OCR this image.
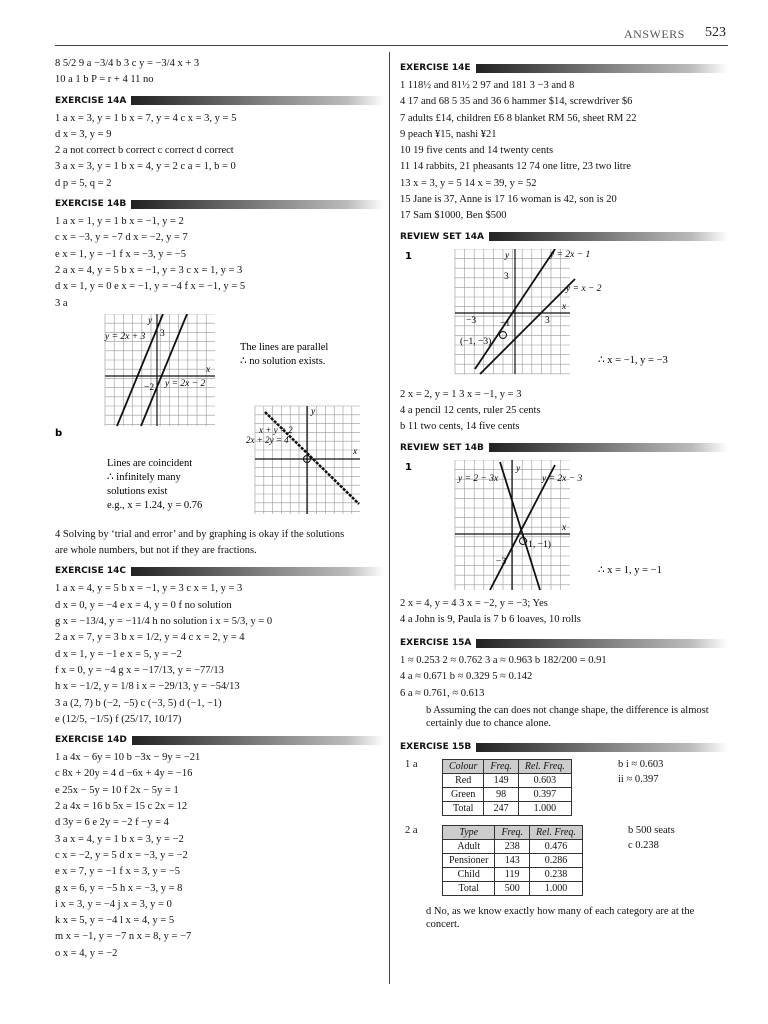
ANSWERS 523
8 5/2 9 a −3/4 b 3 c y = −3/4 x + 3
10 a 1 b P = r + 4 11 no
EXERCISE 14A
1 a x = 3, y = 1 b x = 7, y = 4 c x = 3, y = 5
d x = 3, y = 9
2 a not correct b correct c correct d correct
3 a x = 3, y = 1 b x = 4, y = 2 c a = 1, b = 0
d p = 5, q = 2
EXERCISE 14B
1 a x = 1, y = 1 b x = −1, y = 2
c x = −3, y = −7 d x = −2, y = 7
e x = 1, y = −1 f x = −3, y = −5
2 a x = 4, y = 5 b x = −1, y = 3 c x = 1, y = 3
d x = 1, y = 0 e x = −1, y = −4 f x = −1, y = 5
3 a
y = 2x + 3
y = 2x − 2
3
−2
x
y
The lines are parallel
∴ no solution exists.
b	x + y = 2
2x + 2y = 4
x
y
Lines are coincident
∴ infinitely many
solutions exist
e.g., x = 1.24, y = 0.76
4 Solving by ‘trial and error’ and by graphing is okay if the solutions
are whole numbers, but not if they are fractions.
EXERCISE 14C
1 a x = 4, y = 5 b x = −1, y = 3 c x = 1, y = 3
d x = 0, y = −4 e x = 4, y = 0 f no solution
g x = −13/4, y = −11/4 h no solution i x = 5/3, y = 0
2 a x = 7, y = 3 b x = 1/2, y = 4 c x = 2, y = 4
d x = 1, y = −1 e x = 5, y = −2
f x = 0, y = −4 g x = −17/13, y = −77/13
h x = −1/2, y = 1/8 i x = −29/13, y = −54/13
3 a (2, 7) b (−2, −5) c (−3, 5) d (−1, −1)
e (12/5, −1/5) f (25/17, 10/17)
EXERCISE 14D
1 a 4x − 6y = 10 b −3x − 9y = −21
c 8x + 20y = 4 d −6x + 4y = −16
e 25x − 5y = 10 f 2x − 5y = 1
2 a 4x = 16 b 5x = 15 c 2x = 12
d 3y = 6 e 2y = −2 f −y = 4
3 a x = 4, y = 1 b x = 3, y = −2
c x = −2, y = 5 d x = −3, y = −2
e x = 7, y = −1 f x = 3, y = −5
g x = 6, y = −5 h x = −3, y = 8
i x = 3, y = −4 j x = 3, y = 0
k x = 5, y = −4 l x = 4, y = 5
m x = −1, y = −7 n x = 8, y = −7
o x = 4, y = −2
EXERCISE 14E
1 118½ and 81½ 2 97 and 181 3 −3 and 8
4 17 and 68 5 35 and 36 6 hammer $14, screwdriver $6
7 adults £14, children £6 8 blanket RM 56, sheet RM 22
9 peach ¥15, nashi ¥21
10 19 five cents and 14 twenty cents
11 14 rabbits, 21 pheasants 12 74 one litre, 23 two litre
13 x = 3, y = 5 14 x = 39, y = 52
15 Jane is 37, Anne is 17 16 woman is 42, son is 20
17 Sam $1000, Ben $500
REVIEW SET 14A
1	y = 2x − 1
y = x − 2
(−1, −3)
3
−3	3
−1
x
y
∴ x = −1, y = −3
2 x = 2, y = 1 3 x = −1, y = 3
4 a pencil 12 cents, ruler 25 cents
b 11 two cents, 14 five cents
REVIEW SET 14B
1
y = 2 − 3x	y = 2x − 3
(1, −1)
−3
x
y
∴ x = 1, y = −1
2 x = 4, y = 4 3 x = −2, y = −3; Yes
4 a John is 9, Paula is 7 b 6 loaves, 10 rolls
EXERCISE 15A
1 ≈ 0.253 2 ≈ 0.762 3 a ≈ 0.963 b 182/200 = 0.91
4 a ≈ 0.671 b ≈ 0.329 5 ≈ 0.142
6 a ≈ 0.761, ≈ 0.613
b Assuming the can does not change shape, the difference is almost certainly due to chance alone.
EXERCISE 15B
1 a	Colour	Freq.	Rel. Freq.
Red	149	0.603
Green	98	0.397
Total	247	1.000
b i ≈ 0.603
ii ≈ 0.397
2 a	Type	Freq.	Rel. Freq.
Adult	238	0.476
Pensioner	143	0.286
Child	119	0.238
Total	500	1.000
b 500 seats
c 0.238
d No, as we know exactly how many of each category are at the concert.
